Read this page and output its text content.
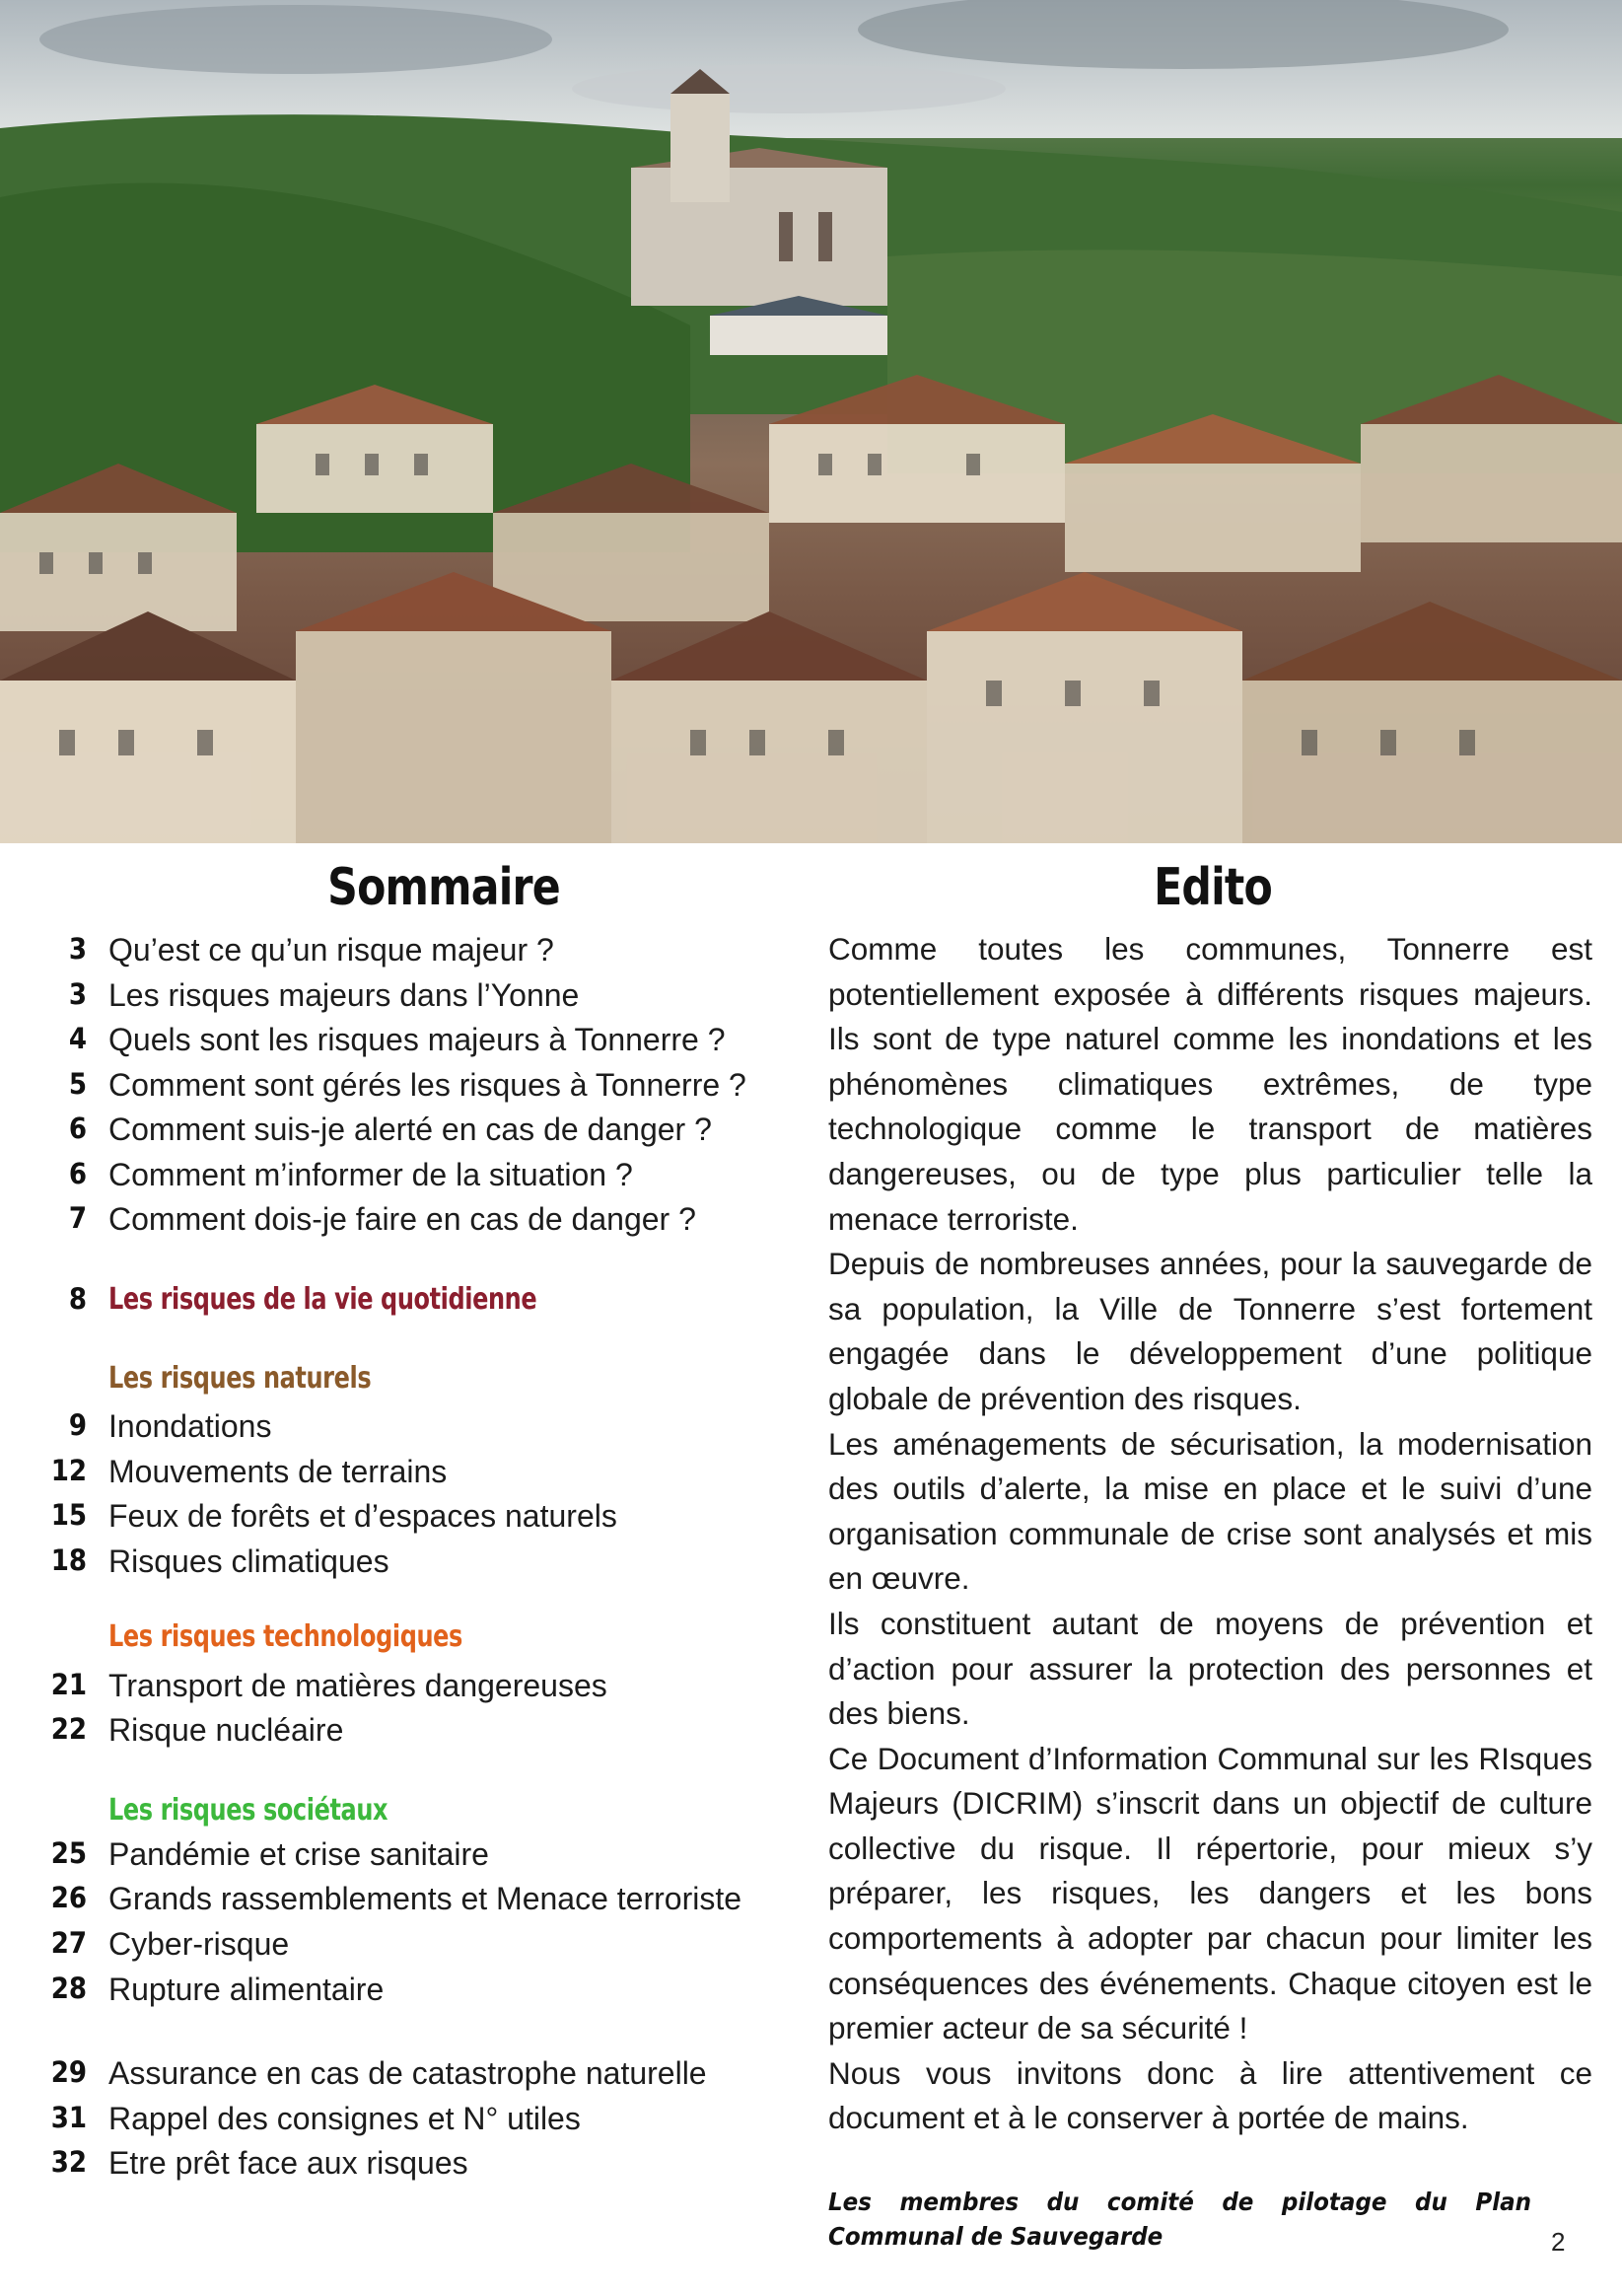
Sommaire
3 Qu’est ce qu’un risque majeur ?
3 Les risques majeurs dans l’Yonne
4 Quels sont les risques majeurs à Tonnerre ?
5 Comment sont gérés les risques à Tonnerre ?
6 Comment suis-je alerté en cas de danger ?
6 Comment m’informer de la situation ?
7 Comment dois-je faire en cas de danger ?
8 Les risques de la vie quotidienne
Les risques naturels
9 Inondations
12 Mouvements de terrains
15 Feux de forêts et d’espaces naturels
18 Risques climatiques
Les risques technologiques
21 Transport de matières dangereuses
22 Risque nucléaire
Les risques sociétaux
25 Pandémie et crise sanitaire
26 Grands rassemblements et Menace terroriste
27 Cyber-risque
28 Rupture alimentaire
29 Assurance en cas de catastrophe naturelle
31 Rappel des consignes et N° utiles
32 Etre prêt face aux risques
Edito

Comme toutes les communes, Tonnerre est potentiellement exposée à différents risques majeurs. Ils sont de type naturel comme les inondations et les phénomènes climatiques extrêmes, de type technologique comme le transport de matières dangereuses, ou de type plus particulier telle la menace terroriste.

Depuis de nombreuses années, pour la sauvegarde de sa population, la Ville de Tonnerre s’est fortement engagée dans le développement d’une politique globale de prévention des risques.

Les aménagements de sécurisation, la modernisation des outils d’alerte, la mise en place et le suivi d’une organisation communale de crise sont analysés et mis en œuvre.

Ils constituent autant de moyens de prévention et d’action pour assurer la protection des personnes et des biens.

Ce Document d’Information Communal sur les RIsques Majeurs (DICRIM) s’inscrit dans un objectif de culture collective du risque. Il répertorie, pour mieux s’y préparer, les risques, les dangers et les bons comportements à adopter par chacun pour limiter les conséquences des événements. Chaque citoyen est le premier acteur de sa sécurité !

Nous vous invitons donc à lire attentivement ce document et à le conserver à portée de mains.

Les membres du comité de pilotage du Plan Communal de Sauvegarde	2
